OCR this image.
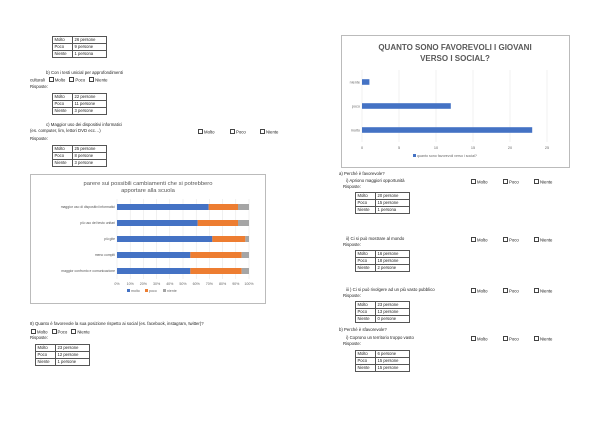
Molto	26 persone
Poco	9 persone
Niente	1 persona
b) Con i testi unicial per approfondimenti
culturali Molto Poco Niente
Risposte:
Molto	22 persone
Poco	11 persone
Niente	3 persone
c) Maggior uso dei dispositivi informatici
(es. computer, lim, lettori DVD ecc…)	Molto	Poco	Niente
Risposte:
Molto	25 persone
Poco	8 persone
Niente	3 persone
parere sui possibili cambiamenti che si potrebbero
apportare alla scuola
0% 10% 20% 30% 40% 50% 60% 70% 80% 90% 100%
maggior uso di dispositivi informatici
più uso del testo unitari
più gite
meno compiti
maggior confronto e comunicazione
molto	poco	niente
8) Quanto è favorevole la sua posizione rispetto ai social (es. facebook, instagram, twitter)?
Molto Poco Niente
Risposte:
Molto	23 persone
Poco	12 persone
Niente	1 persone
QUANTO SONO FAVOREVOLI I GIOVANI
VERSO I SOCIAL?
0	5	10	15	20	25
niente
poco
molto
quanto sono favorevoli verso i social?
a) Perché è favorevole?
i) Apriono maggiori opportunità	Molto	Poco	Niente
Risposte:
Molto	20 persone
Poco	15 persone
Niente	1 persona
ii) Ci si può mostrare al mondo	Molto	Poco	Niente
Risposte:
Molto	16 persone
Poco	18 persone
Niente	2 persone
iii ) Ci si può rivolgere ad un più vasto pubblico	Molto	Poco	Niente
Risposte:
Molto	23 persone
Poco	13 persone
Niente	0 persone
b) Perché è sfavorevole?
i) Coprono un territorio troppo vasto	Molto	Poco	Niente
Risposte:
Molto	6 persone
Poco	15 persone
Niente	15 persone
